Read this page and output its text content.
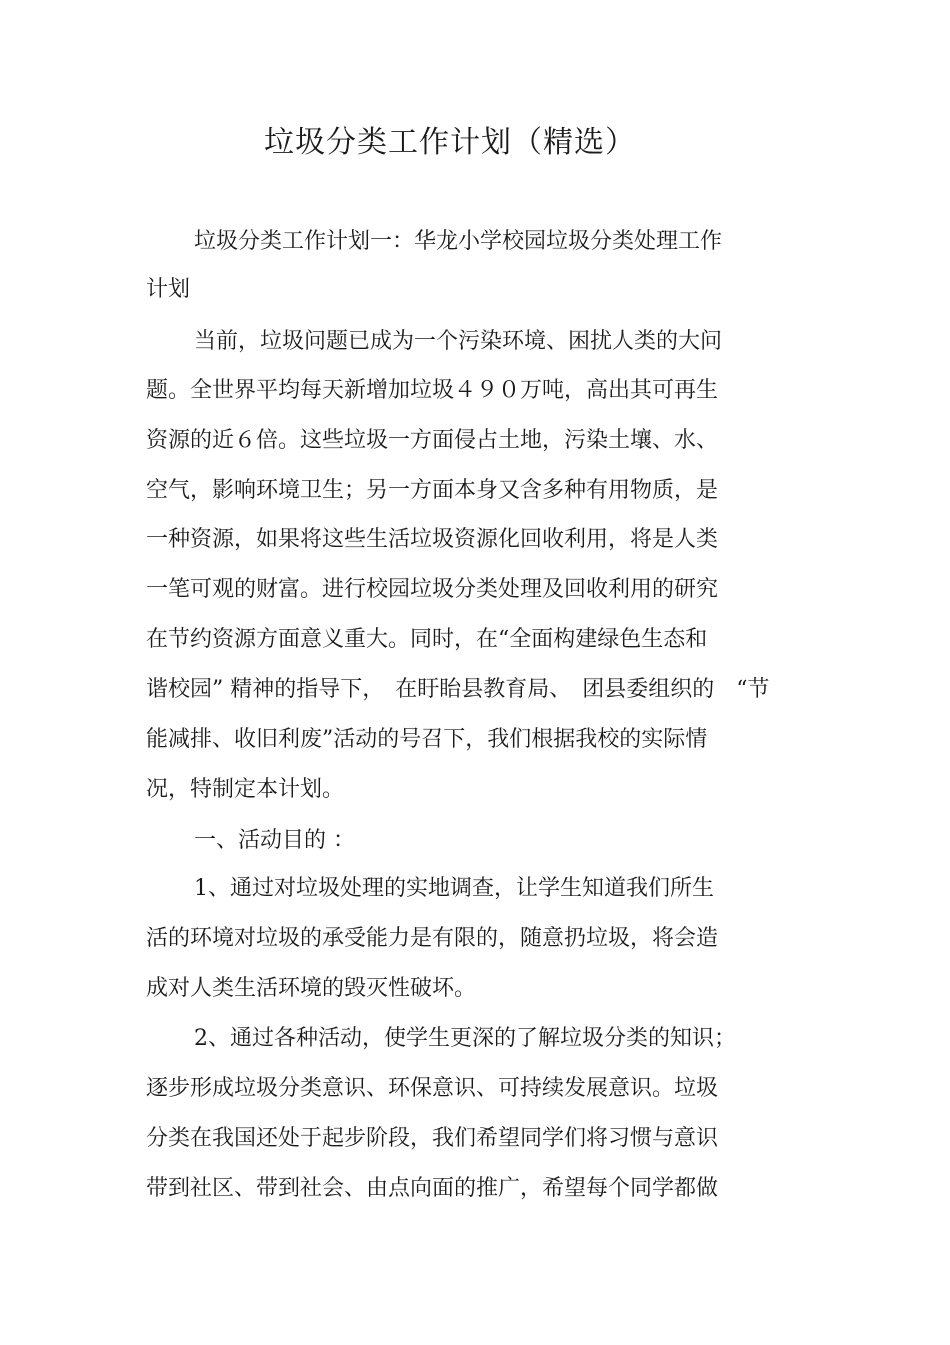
垃圾分类工作计划（精选）
垃圾分类工作计划一：华龙小学校园垃圾分类处理工作
计划
当前，垃圾问题已成为一个污染环境、困扰人类的大问
题。全世界平均每天新增加垃圾４９０万吨，高出其可再生
资源的近６倍。这些垃圾一方面侵占土地，污染土壤、水、
空气，影响环境卫生；另一方面本身又含多种有用物质，是
一种资源，如果将这些生活垃圾资源化回收利用，将是人类
一笔可观的财富。进行校园垃圾分类处理及回收利用的研究
在节约资源方面意义重大。同时，在“全面构建绿色生态和
谐校园” 精神的指导下，　在盱眙县教育局、　团县委组织的　“节
能减排、收旧利废”活动的号召下，我们根据我校的实际情
况，特制定本计划。
一、活动目的 ：
1、通过对垃圾处理的实地调查，让学生知道我们所生
活的环境对垃圾的承受能力是有限的，随意扔垃圾，将会造
成对人类生活环境的毁灭性破坏。
2、通过各种活动，使学生更深的了解垃圾分类的知识；
逐步形成垃圾分类意识、环保意识、可持续发展意识。垃圾
分类在我国还处于起步阶段，我们希望同学们将习惯与意识
带到社区、带到社会、由点向面的推广，希望每个同学都做
